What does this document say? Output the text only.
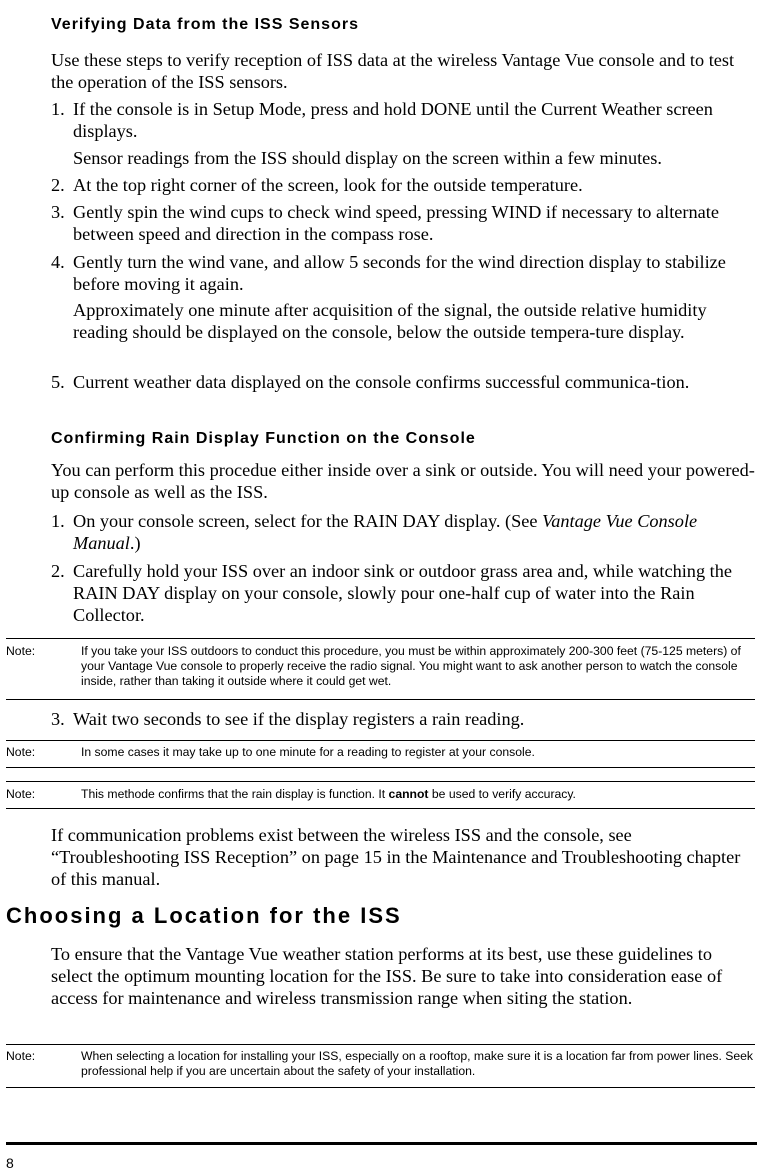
Verifying Data from the ISS Sensors

Use these steps to verify reception of ISS data at the wireless Vantage Vue console and to test the operation of the ISS sensors.

1. If the console is in Setup Mode, press and hold DONE until the Current Weather screen displays.

Sensor readings from the ISS should display on the screen within a few minutes.

2. At the top right corner of the screen, look for the outside temperature.
3. Gently spin the wind cups to check wind speed, pressing WIND if necessary to alternate between speed and direction in the compass rose.
4. Gently turn the wind vane, and allow 5 seconds for the wind direction display to stabilize before moving it again.

Approximately one minute after acquisition of the signal, the outside relative humidity reading should be displayed on the console, below the outside tempera-ture display.

5. Current weather data displayed on the console confirms successful communica-tion.
Confirming Rain Display Function on the Console

You can perform this procedue either inside over a sink or outside. You will need your powered-up console as well as the ISS.

1. On your console screen, select for the RAIN DAY display. (See Vantage Vue Console Manual.)
2. Carefully hold your ISS over an indoor sink or outdoor grass area and, while watching the RAIN DAY display on your console, slowly pour one-half cup of water into the Rain Collector.
Note:	If you take your ISS outdoors to conduct this procedure, you must be within approximately 200-300 feet (75-125 meters) of your Vantage Vue console to properly receive the radio signal. You might want to ask another person to watch the console inside, rather than taking it outside where it could get wet.
3. Wait two seconds to see if the display registers a rain reading.
Note:	In some cases it may take up to one minute for a reading to register at your console.
Note:	This methode confirms that the rain display is function. It cannot be used to verify accuracy.

If communication problems exist between the wireless ISS and the console, see “Troubleshooting ISS Reception” on page 15 in the Maintenance and Troubleshooting chapter of this manual.

Choosing a Location for the ISS

To ensure that the Vantage Vue weather station performs at its best, use these guidelines to select the optimum mounting location for the ISS. Be sure to take into consideration ease of access for maintenance and wireless transmission range when siting the station.

Note:	When selecting a location for installing your ISS, especially on a rooftop, make sure it is a location far from power lines. Seek professional help if you are uncertain about the safety of your installation.
8
